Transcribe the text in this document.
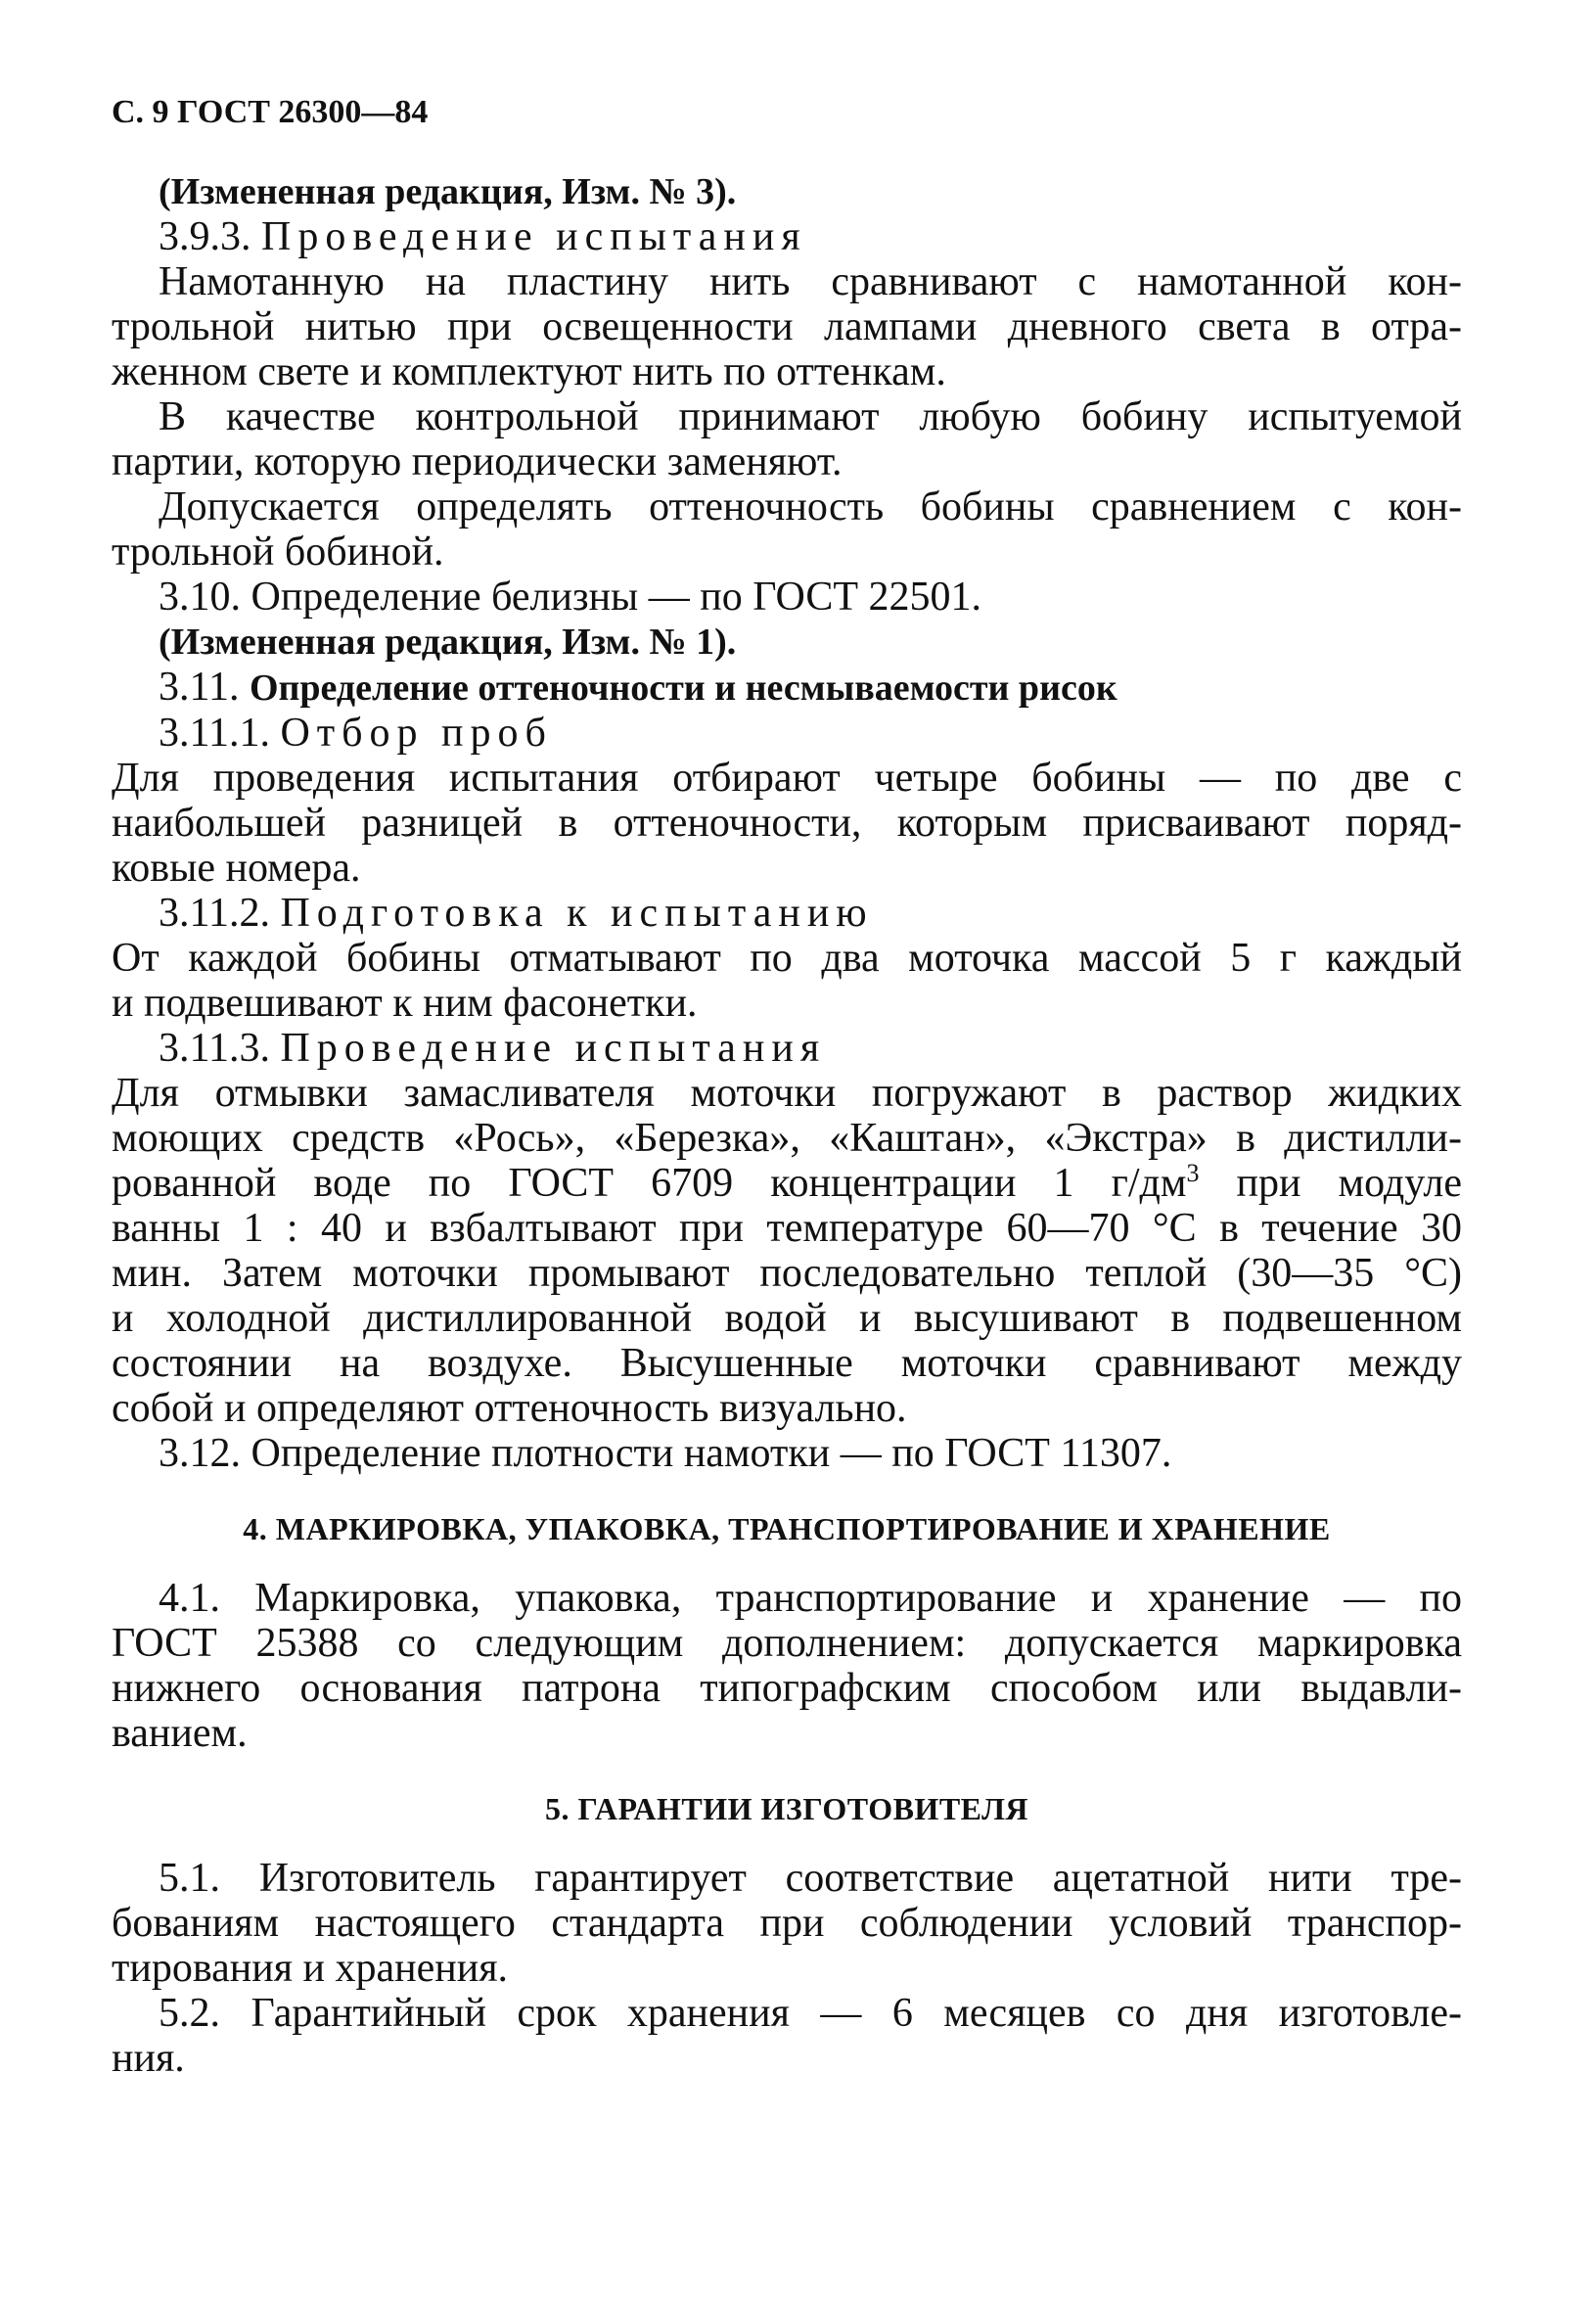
С. 9 ГОСТ 26300—84
(Измененная редакция, Изм. № 3).
3.9.3. Проведение испытания
Намотанную на пластину нить сравнивают с намотанной кон-
трольной нитью при освещенности лампами дневного света в отра-
женном свете и комплектуют нить по оттенкам.
В качестве контрольной принимают любую бобину испытуемой
партии, которую периодически заменяют.
Допускается определять оттеночность бобины сравнением с кон-
трольной бобиной.
3.10. Определение белизны — по ГОСТ 22501.
(Измененная редакция, Изм. № 1).
3.11. Определение оттеночности и несмываемости рисок
3.11.1. Отбор проб
Для проведения испытания отбирают четыре бобины — по две с
наибольшей разницей в оттеночности, которым присваивают поряд-
ковые номера.
3.11.2. Подготовка к испытанию
От каждой бобины отматывают по два моточка массой 5 г каждый
и подвешивают к ним фасонетки.
3.11.3. Проведение испытания
Для отмывки замасливателя моточки погружают в раствор жидких
моющих средств «Рось», «Березка», «Каштан», «Экстра» в дистилли-
рованной воде по ГОСТ 6709 концентрации 1 $г/дм^3$ при модуле
ванны 1 : 40 и взбалтывают при температуре 60—70 °С в течение 30
мин. Затем моточки промывают последовательно теплой (30—35 °С)
и холодной дистиллированной водой и высушивают в подвешенном
состоянии на воздухе. Высушенные моточки сравнивают между
собой и определяют оттеночность визуально.
3.12. Определение плотности намотки — по ГОСТ 11307.
4. МАРКИРОВКА, УПАКОВКА, ТРАНСПОРТИРОВАНИЕ И ХРАНЕНИЕ
4.1. Маркировка, упаковка, транспортирование и хранение — по
ГОСТ 25388 со следующим дополнением: допускается маркировка
нижнего основания патрона типографским способом или выдавли-
ванием.
5. ГАРАНТИИ ИЗГОТОВИТЕЛЯ
5.1. Изготовитель гарантирует соответствие ацетатной нити тре-
бованиям настоящего стандарта при соблюдении условий транспор-
тирования и хранения.
5.2. Гарантийный срок хранения — 6 месяцев со дня изготовле-
ния.
